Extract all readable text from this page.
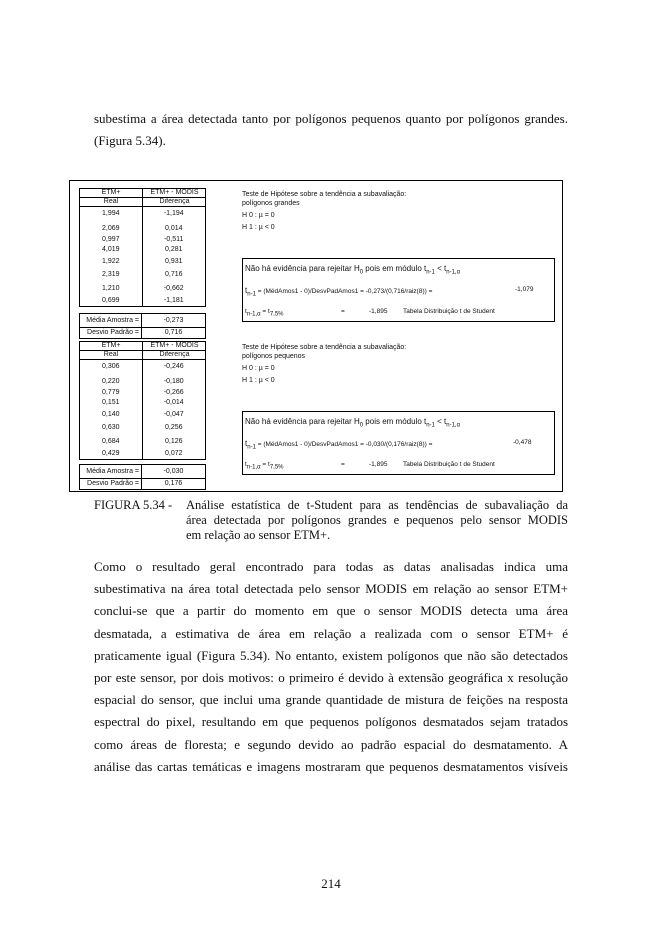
subestima a área detectada tanto por polígonos pequenos quanto por polígonos grandes.
(Figura 5.34).
ETM+
Real
ETM+ - MODIS
Diferença
1,994	-1,194
2,069	0,014
0,997	-0,511
4,019	0,281
1,922	0,931
2,319	0,716
1,210	-0,662
0,699	-1,181
Média Amostra =	-0,273
Desvio Padrão =	0,716
Teste de Hipótese sobre a tendência a subavaliação:
polígonos grandes
H 0 : µ = 0
H 1 : µ < 0
Não há evidência para rejeitar $H_0$ pois em módulo $t_{n-1} < t_{n-1,\alpha}$
$t_{n-1}$ = (MédAmos1 - 0)/DesvPadAmos1 = -0,273/(0,716/raiz(8)) =	-1,079
$t_{n-1,\alpha} = t_{7,5\%}$	=	-1,895 Tabela Distribuição t de Student
ETM+
Real
ETM+ - MODIS
Diferença
0,306	-0,246
0,220	-0,180
0,779	-0,266
0,151	-0,014
0,140	-0,047
0,630	0,256
0,684	0,126
0,429	0,072
Média Amostra =	-0,030
Desvio Padrão =	0,176
Teste de Hipótese sobre a tendência a subavaliação:
polígonos pequenos
H 0 : µ = 0
H 1 : µ < 0
Não há evidência para rejeitar $H_0$ pois em módulo $t_{n-1} < t_{n-1,\alpha}$
$t_{n-1}$ = (MédAmos1 - 0)/DesvPadAmos1 = -0,030/(0,176/raiz(8)) =	-0,478
$t_{n-1,\alpha} = t_{7,5\%}$	=	-1,895 Tabela Distribuição t de Student
FIGURA 5.34 - Análise estatística de t-Student para as tendências de subavaliação da
área detectada por polígonos grandes e pequenos pelo sensor MODIS
em relação ao sensor ETM+.
Como o resultado geral encontrado para todas as datas analisadas indica uma
subestimativa na área total detectada pelo sensor MODIS em relação ao sensor ETM+
conclui-se que a partir do momento em que o sensor MODIS detecta uma área
desmatada, a estimativa de área em relação a realizada com o sensor ETM+ é
praticamente igual (Figura 5.34). No entanto, existem polígonos que não são detectados
por este sensor, por dois motivos: o primeiro é devido à extensão geográfica x resolução
espacial do sensor, que inclui uma grande quantidade de mistura de feições na resposta
espectral do pixel, resultando em que pequenos polígonos desmatados sejam tratados
como áreas de floresta; e segundo devido ao padrão espacial do desmatamento. A
análise das cartas temáticas e imagens mostraram que pequenos desmatamentos visíveis
214
